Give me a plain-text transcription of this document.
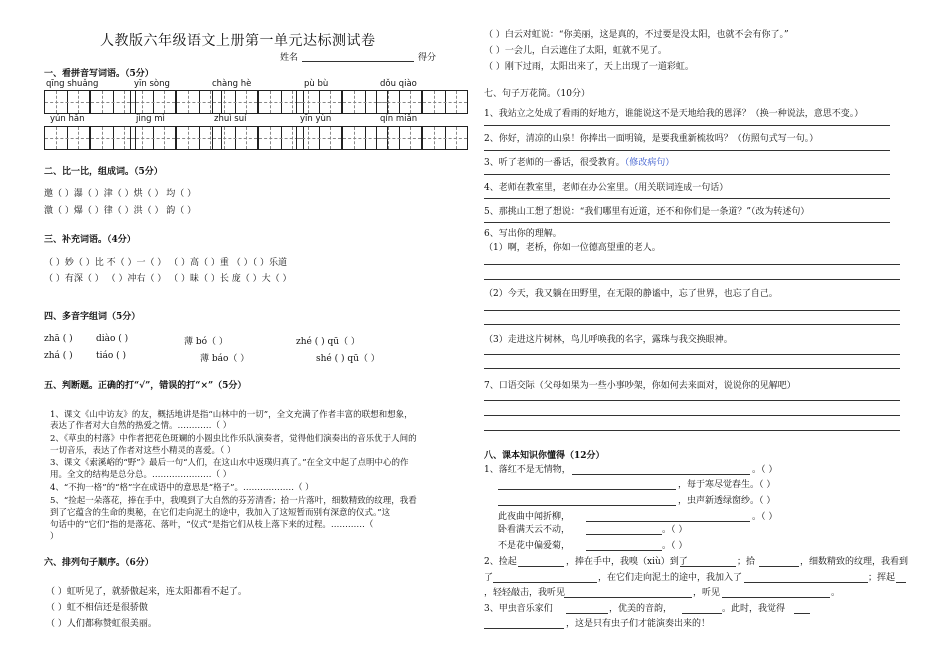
人教版六年级语文上册第一单元达标测试卷
姓名	得分
一、看拼音写词语。（5分）
qīng shuǎng	yīn sòng	chàng hè	pù bù	dǒu qiào
yún hǎn	jìng mì	zhuì suí	yīn yùn	qín miǎn
二、比一比，组成词。（5分）
邀（ ）瀑（ ）津（ ）烘（ ） 均（ ）
激（ ）爆（ ）律（ ）洪（ ） 韵（ ）
三、补充词语。（4分）
（ ）妙（ ）比 不（ ）一（ ） （ ）高（ ）重 （ ）（ ）乐道
（ ）有深（ ） （ ）冲右（ ） （ ）昧（ ）长 庞（ ）大（ ）
四、多音字组词（5分）
zhā ( )	diào ( )	薄 bó（ ）	zhé ( ) qū（ ）
zhá ( )	tiáo ( )	薄 báo（ ）	shé ( ) qū（ ）
五、判断题。正确的打“√”，错误的打“×”（5分）
1、课文《山中访友》的友，概括地讲是指“山林中的一切”，全文充满了作者丰富的联想和想象，
表达了作者对大自然的热爱之情。…………（ ）
2、《草虫的村落》中作者把花色斑斓的小圆虫比作乐队演奏者，觉得他们演奏出的音乐优于人间的
一切音乐，表达了作者对这些小精灵的喜爱。（ ）
3、课文《索溪峪的“野”》最后一句“人们，在这山水中返璞归真了。”在全文中起了点明中心的作
用。全文的结构是总分总。…………………（ ）
4、“不拘一格”的“格”字在成语中的意思是“格子”。………………（ ）
5、“捡起一朵落花，捧在手中，我嗅到了大自然的芬芳清香；拾一片落叶，细数精致的纹理，我看
到了它蕴含的生命的奥秘，在它们走向泥土的途中，我加入了这短暂而别有深意的仪式。”这
句话中的“它们”指的是落花、落叶，“仪式”是指它们从枝上落下来的过程。…………（
）
六、排列句子顺序。（6分）
（ ）虹听见了，就骄傲起来，连太阳都看不起了。
（ ）虹不相信还是很骄傲
（ ）人们都称赞虹很美丽。
（ ）白云对虹说：“你美丽，这是真的，不过要是没太阳，也就不会有你了。”
（ ）一会儿，白云遮住了太阳，虹就不见了。
（ ）刚下过雨，太阳出来了，天上出现了一道彩虹。
七、句子万花筒。（10分）
1、我站立之处成了看雨的好地方，谁能说这不是天地给我的恩泽？（换一种说法，意思不变。）
2、你好，清凉的山泉！你捧出一面明镜，是要我重新梳妆吗？（仿照句式写一句。）
3、听了老师的一番话，很受教育。（修改病句）
4、老师在教室里，老师在办公室里。（用关联词连成一句话）
5、那挑山工想了想说：“我们哪里有近道，还不和你们是一条道？”（改为转述句）
6、写出你的理解。
（1）啊，老桥，你如一位德高望重的老人。
（2）今天，我又躺在田野里，在无限的静谧中，忘了世界，也忘了自己。
（3）走进这片树林，鸟儿呼唤我的名字，露珠与我交换眼神。
7、口语交际（父母如果为一些小事吵架，你如何去来面对，说说你的见解吧）
八、课本知识你懂得（12分）
1、落红不是无情物，	。（ ）
，每于寒尽觉春生。（ ）
，虫声新透绿窗纱。（ ）
此夜曲中闻折柳，	。（ ）
卧看满天云不动，	。（ ）
不是花中偏爱菊，	。（ ）
2、捡起	，捧在手中，我嗅（xiù）到了	；拾	，细数精致的纹理，我看到
了	，在它们走向泥土的途中，我加入了	；挥起
，轻轻敲击，我听见	，听见	。
3、甲虫音乐家们	，优美的音韵，	。此时，我觉得
，这是只有虫子们才能演奏出来的！
